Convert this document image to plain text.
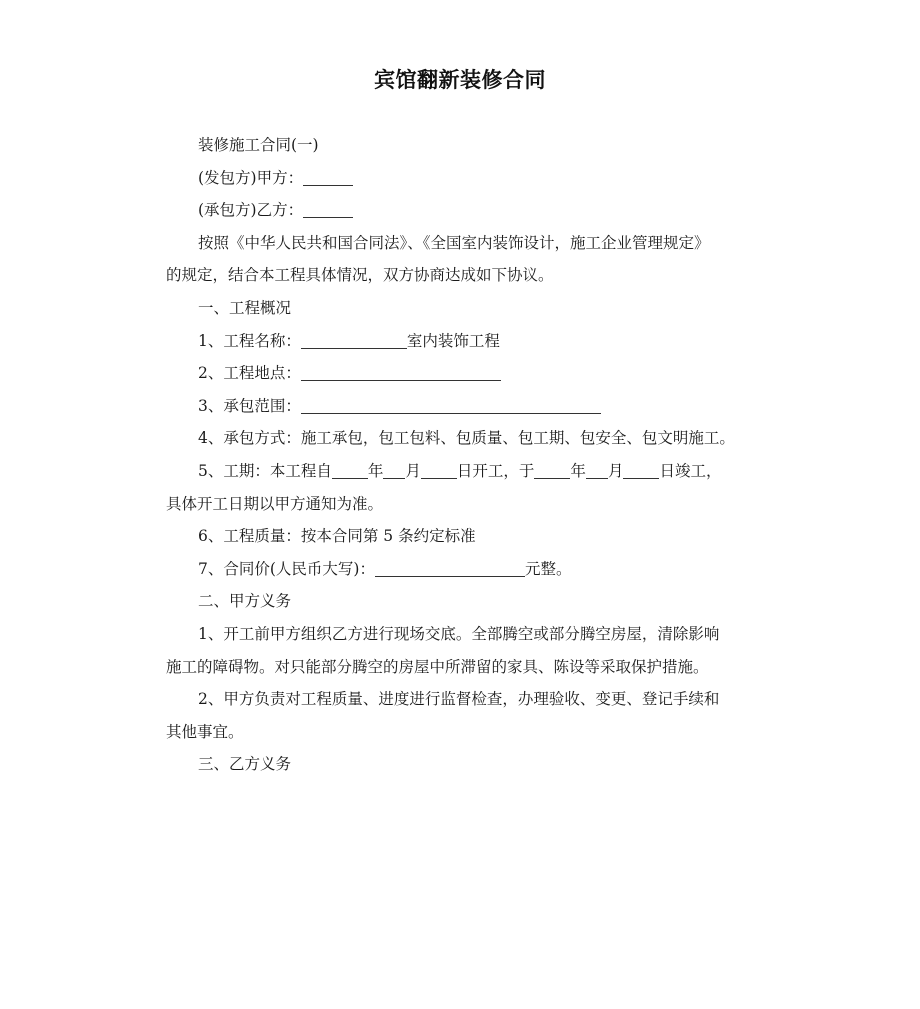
宾馆翻新装修合同

装修施工合同(一)

(发包方)甲方：

(承包方)乙方：

按照《中华人民共和国合同法》、《全国室内装饰设计，施工企业管理规定》

的规定，结合本工程具体情况，双方协商达成如下协议。

一、工程概况

1、工程名称：	室内装饰工程

2、工程地点：

3、承包范围：

4、承包方式：施工承包，包工包料、包质量、包工期、包安全、包文明施工。

5、工期：本工程自 年 月 日开工，于 年 月 日竣工，

具体开工日期以甲方通知为准。

6、工程质量：按本合同第 5 条约定标准

7、合同价(人民币大写)：	元整。

二、甲方义务

1、开工前甲方组织乙方进行现场交底。全部腾空或部分腾空房屋，清除影响

施工的障碍物。对只能部分腾空的房屋中所滞留的家具、陈设等采取保护措施。

2、甲方负责对工程质量、进度进行监督检查，办理验收、变更、登记手续和

其他事宜。

三、乙方义务
